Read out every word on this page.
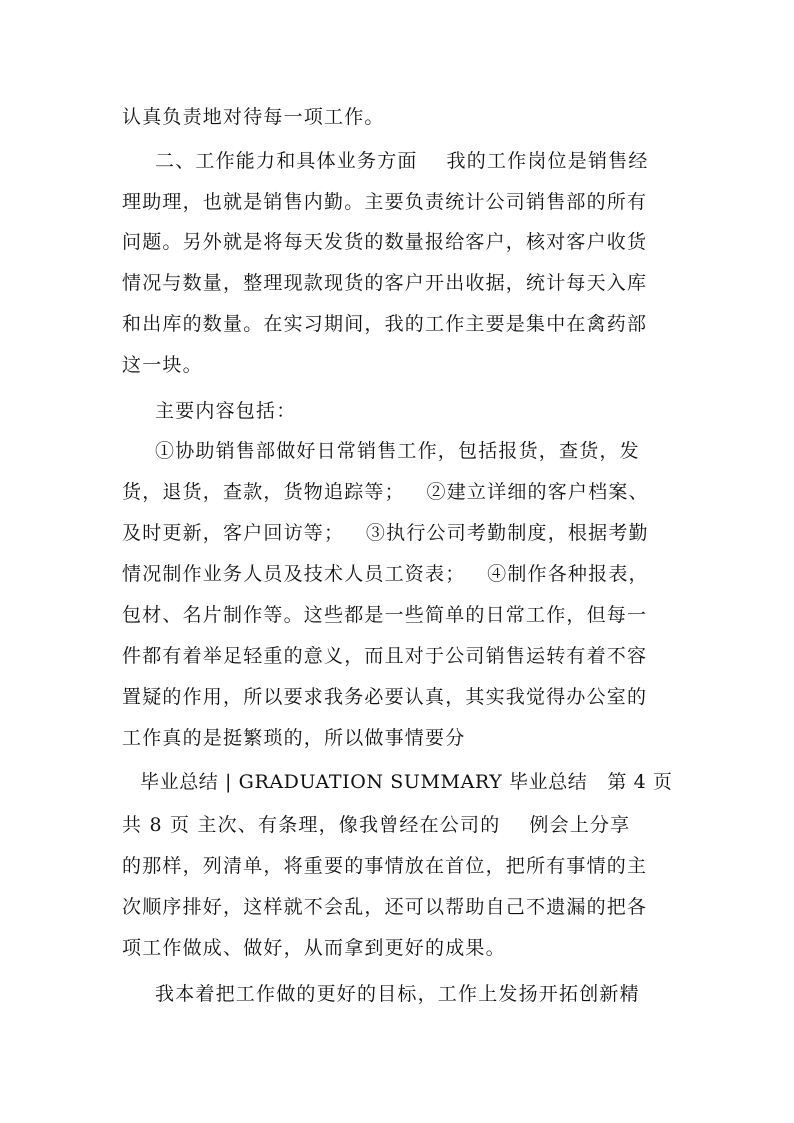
认真负责地对待每一项工作。

二、工作能力和具体业务方面    我的工作岗位是销售经

理助理，也就是销售内勤。主要负责统计公司销售部的所有

问题。另外就是将每天发货的数量报给客户，核对客户收货

情况与数量，整理现款现货的客户开出收据，统计每天入库

和出库的数量。在实习期间，我的工作主要是集中在禽药部

这一块。

主要内容包括：

①协助销售部做好日常销售工作，包括报货，查货，发

货，退货，查款，货物追踪等；   ②建立详细的客户档案、

及时更新，客户回访等；   ③执行公司考勤制度，根据考勤

情况制作业务人员及技术人员工资表；   ④制作各种报表，

包材、名片制作等。这些都是一些简单的日常工作，但每一

件都有着举足轻重的意义，而且对于公司销售运转有着不容

置疑的作用，所以要求我务必要认真，其实我觉得办公室的

工作真的是挺繁琐的，所以做事情要分

毕业总结 | GRADUATION SUMMARY 毕业总结   第 4 页

共 8 页 主次、有条理，像我曾经在公司的    例会上分享

的那样，列清单，将重要的事情放在首位，把所有事情的主

次顺序排好，这样就不会乱，还可以帮助自己不遗漏的把各

项工作做成、做好，从而拿到更好的成果。

我本着把工作做的更好的目标，工作上发扬开拓创新精
